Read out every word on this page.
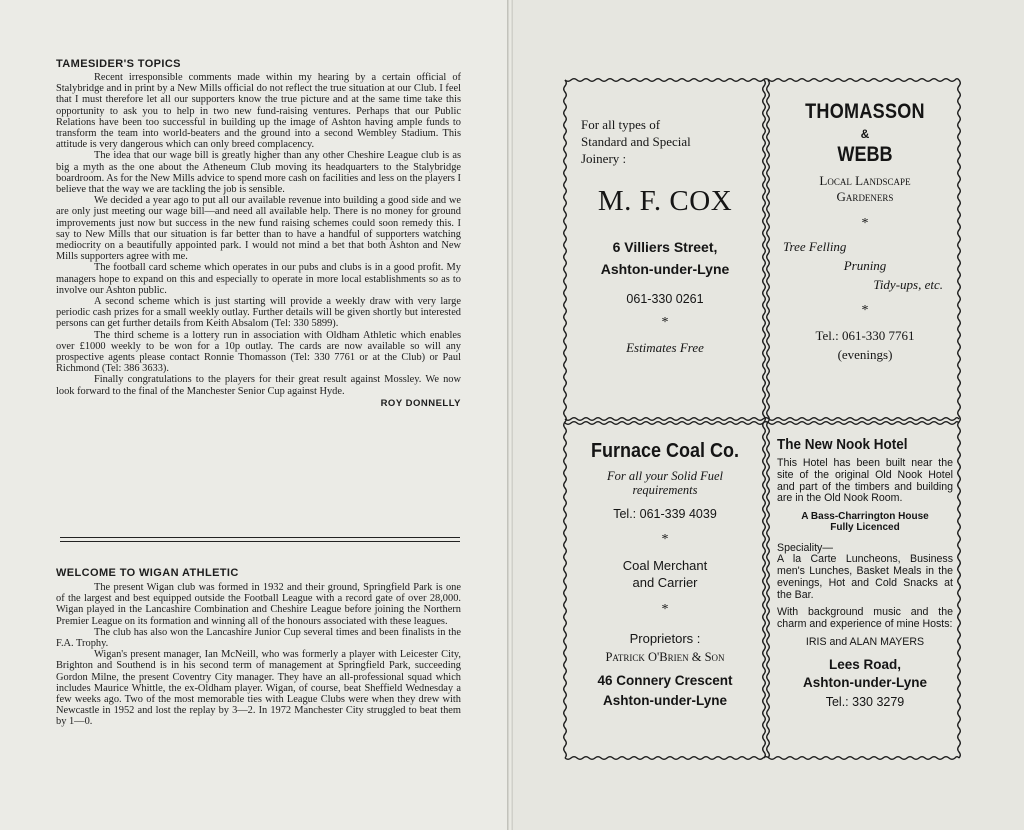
TAMESIDER'S TOPICS

Recent irresponsible comments made within my hearing by a certain official of Stalybridge and in print by a New Mills official do not reflect the true situation at our Club. I feel that I must therefore let all our supporters know the true picture and at the same time take this opportunity to ask you to help in two new fund-raising ventures. Perhaps that our Public Relations have been too successful in building up the image of Ashton having ample funds to transform the team into world-beaters and the ground into a second Wembley Stadium. This attitude is very dangerous which can only breed complacency.

The idea that our wage bill is greatly higher than any other Cheshire League club is as big a myth as the one about the Atheneum Club moving its headquarters to the Stalybridge boardroom. As for the New Mills advice to spend more cash on facilities and less on the players I believe that the way we are tackling the job is sensible.

We decided a year ago to put all our available revenue into building a good side and we are only just meeting our wage bill—and need all available help. There is no money for ground improvements just now but success in the new fund raising schemes could soon remedy this. I say to New Mills that our situation is far better than to have a handful of supporters watching mediocrity on a beautifully appointed park. I would not mind a bet that both Ashton and New Mills supporters agree with me.

The football card scheme which operates in our pubs and clubs is in a good profit. My managers hope to expand on this and especially to operate in more local establishments so as to involve our Ashton public.

A second scheme which is just starting will provide a weekly draw with very large periodic cash prizes for a small weekly outlay. Further details will be given shortly but interested persons can get further details from Keith Absalom (Tel: 330 5899).

The third scheme is a lottery run in association with Oldham Athletic which enables over £1000 weekly to be won for a 10p outlay. The cards are now available so will any prospective agents please contact Ronnie Thomasson (Tel: 330 7761 or at the Club) or Paul Richmond (Tel: 386 3633).

Finally congratulations to the players for their great result against Mossley. We now look forward to the final of the Manchester Senior Cup against Hyde.

ROY DONNELLY
WELCOME TO WIGAN ATHLETIC

The present Wigan club was formed in 1932 and their ground, Springfield Park is one of the largest and best equipped outside the Football League with a record gate of over 28,000. Wigan played in the Lancashire Combination and Cheshire League before joining the Northern Premier League on its formation and winning all of the honours associated with these leagues.

The club has also won the Lancashire Junior Cup several times and been finalists in the F.A. Trophy.

Wigan's present manager, Ian McNeill, who was formerly a player with Leicester City, Brighton and Southend is in his second term of management at Springfield Park, succeeding Gordon Milne, the present Coventry City manager. They have an all-professional squad which includes Maurice Whittle, the ex-Oldham player. Wigan, of course, beat Sheffield Wednesday a few weeks ago. Two of the most memorable ties with League Clubs were when they drew with Newcastle in 1952 and lost the replay by 3—2. In 1972 Manchester City struggled to beat them by 1—0.

For all types of
Standard and Special
Joinery :
M. F. COX
6 Villiers Street,
Ashton-under-Lyne
061-330 0261
*
Estimates Free
THOMASSON
&
WEBB
Local Landscape
Gardeners
*
Tree Felling
Pruning
Tidy-ups, etc.
*
Tel.: 061-330 7761
(evenings)
Furnace Coal Co.
For all your Solid Fuel
requirements
Tel.: 061-339 4039
*
Coal Merchant
and Carrier
*
Proprietors :
Patrick O'Brien & Son
46 Connery Crescent
Ashton-under-Lyne
The New Nook Hotel
This Hotel has been built near the site of the original Old Nook Hotel and part of the timbers and building are in the Old Nook Room.
A Bass-Charrington House
Fully Licenced
Speciality—
A la Carte Luncheons, Business men's Lunches, Basket Meals in the evenings, Hot and Cold Snacks at the Bar.
With background music and the charm and experience of mine Hosts:
IRIS and ALAN MAYERS
Lees Road,
Ashton-under-Lyne
Tel.: 330 3279
